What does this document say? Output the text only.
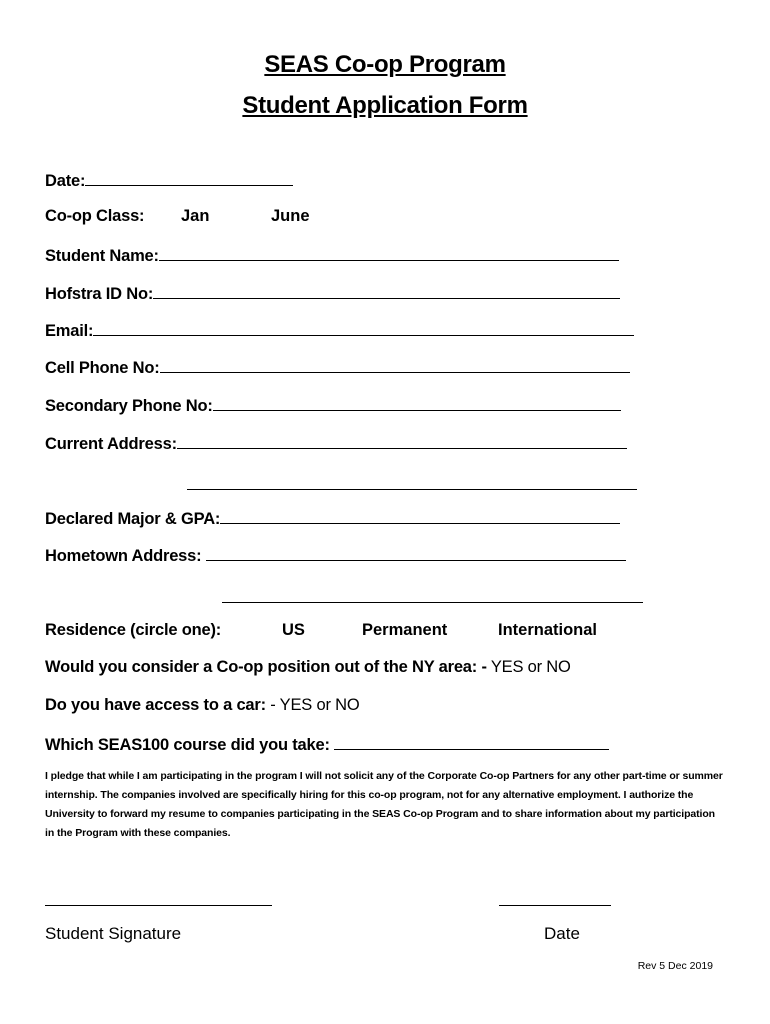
SEAS Co-op Program
Student Application Form
Date:
Co-op Class: Jan	June
Student Name:
Hofstra ID No:
Email:
Cell Phone No:
Secondary Phone No:
Current Address:
Declared Major & GPA:
Hometown Address:
Residence (circle one):	US	Permanent	International
Would you consider a Co-op position out of the NY area: - YES or NO
Do you have access to a car: - YES or NO
Which SEAS100 course did you take:
I pledge that while I am participating in the program I will not solicit any of the Corporate Co-op Partners for any other part-time or summer internship. The companies involved are specifically hiring for this co-op program, not for any alternative employment. I authorize the University to forward my resume to companies participating in the SEAS Co-op Program and to share information about my participation in the Program with these companies.
Student Signature	Date
Rev 5 Dec 2019
